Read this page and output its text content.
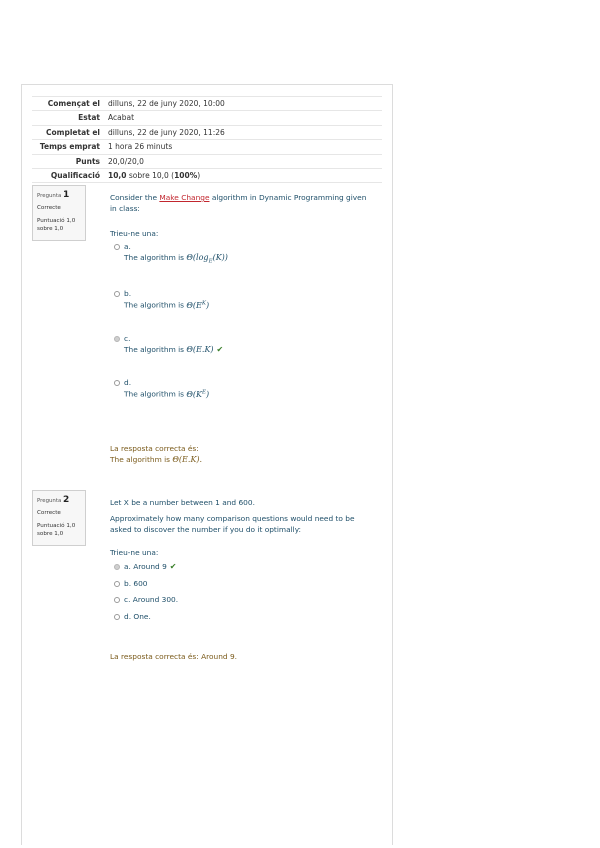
Començat el	dilluns, 22 de juny 2020, 10:00
Estat	Acabat
Completat el	dilluns, 22 de juny 2020, 11:26
Temps emprat	1 hora 26 minuts
Punts	20,0/20,0
Qualificació	10,0 sobre 10,0 (100%)
Pregunta 1
Correcte
Puntuació 1,0
sobre 1,0
Consider the Make Change algorithm in Dynamic Programming given in class:
Trieu-ne una:
a.
The algorithm is $\Theta(\log_E(K))$
b.
The algorithm is $\Theta(E^K)$
c.
The algorithm is Θ(E.K) ✔
d.
The algorithm is $\Theta(K^E)$
La resposta correcta és:
The algorithm is Θ(E.K).
Pregunta 2
Correcte
Puntuació 1,0
sobre 1,0
Let X be a number between 1 and 600.
Approximately how many comparison questions would need to be asked to discover the number if you do it optimally:
Trieu-ne una:
a. Around 9 ✔
b. 600
c. Around 300.
d. One.
La resposta correcta és: Around 9.
